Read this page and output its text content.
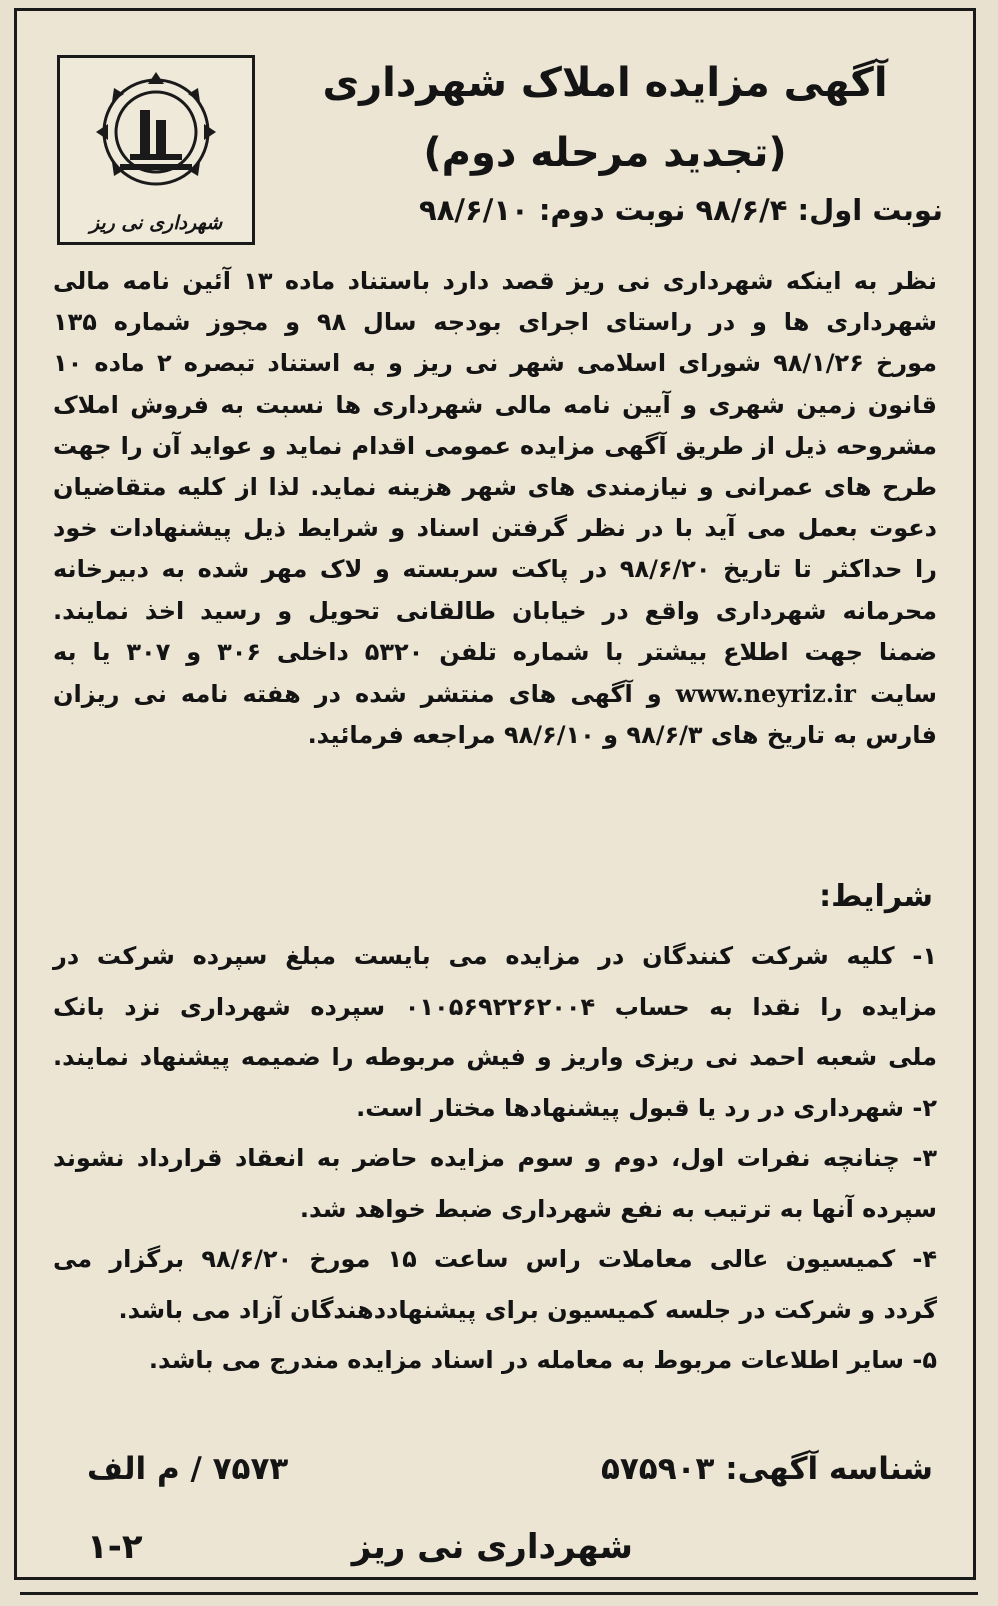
شهرداری نی ریز
آگهی مزایده املاک شهرداری
(تجدید مرحله دوم)
نوبت اول: ۹۸/۶/۴ نوبت دوم: ۹۸/۶/۱۰

نظر به اینکه شهرداری نی ریز قصد دارد باستناد ماده ۱۳ آئین نامه مالی

شهرداری ها و در راستای اجرای بودجه سال ۹۸ و مجوز شماره ۱۳۵

مورخ ۹۸/۱/۲۶ شورای اسلامی شهر نی ریز و به استناد تبصره ۲ ماده ۱۰

قانون زمین شهری و آیین نامه مالی شهرداری ها نسبت به فروش املاک

مشروحه ذیل از طریق آگهی مزایده عمومی اقدام نماید و عواید آن را جهت

طرح های عمرانی و نیازمندی های شهر هزینه نماید. لذا از کلیه متقاضیان

دعوت بعمل می آید با در نظر گرفتن اسناد و شرایط ذیل پیشنهادات خود

را حداکثر تا تاریخ ۹۸/۶/۲۰ در پاکت سربسته و لاک مهر شده به دبیرخانه

محرمانه شهرداری واقع در خیابان طالقانی تحویل و رسید اخذ نمایند.

ضمنا جهت اطلاع بیشتر با شماره تلفن ۵۳۲۰ داخلی ۳۰۶ و ۳۰۷ یا به

سایت www.neyriz.ir و آگهی های منتشر شده در هفته نامه نی ریزان

فارس به تاریخ های ۹۸/۶/۳ و ۹۸/۶/۱۰ مراجعه فرمائید.

شرایط:

۱- کلیه شرکت کنندگان در مزایده می بایست مبلغ سپرده شرکت در

مزایده را نقدا به حساب ۰۱۰۵۶۹۲۲۶۲۰۰۴ سپرده شهرداری نزد بانک

ملی شعبه احمد نی ریزی واریز و فیش مربوطه را ضمیمه پیشنهاد نمایند.

۲- شهرداری در رد یا قبول پیشنهادها مختار است.

۳- چنانچه نفرات اول، دوم و سوم مزایده حاضر به انعقاد قرارداد نشوند

سپرده آنها به ترتیب به نفع شهرداری ضبط خواهد شد.

۴- کمیسیون عالی معاملات راس ساعت ۱۵ مورخ ۹۸/۶/۲۰ برگزار می

گردد و شرکت در جلسه کمیسیون برای پیشنهاددهندگان آزاد می باشد.

۵- سایر اطلاعات مربوط به معامله در اسناد مزایده مندرج می باشد.

شناسه آگهی: ۵۷۵۹۰۳
۷۵۷۳ / م الف
شهرداری نی ریز
۱-۲
